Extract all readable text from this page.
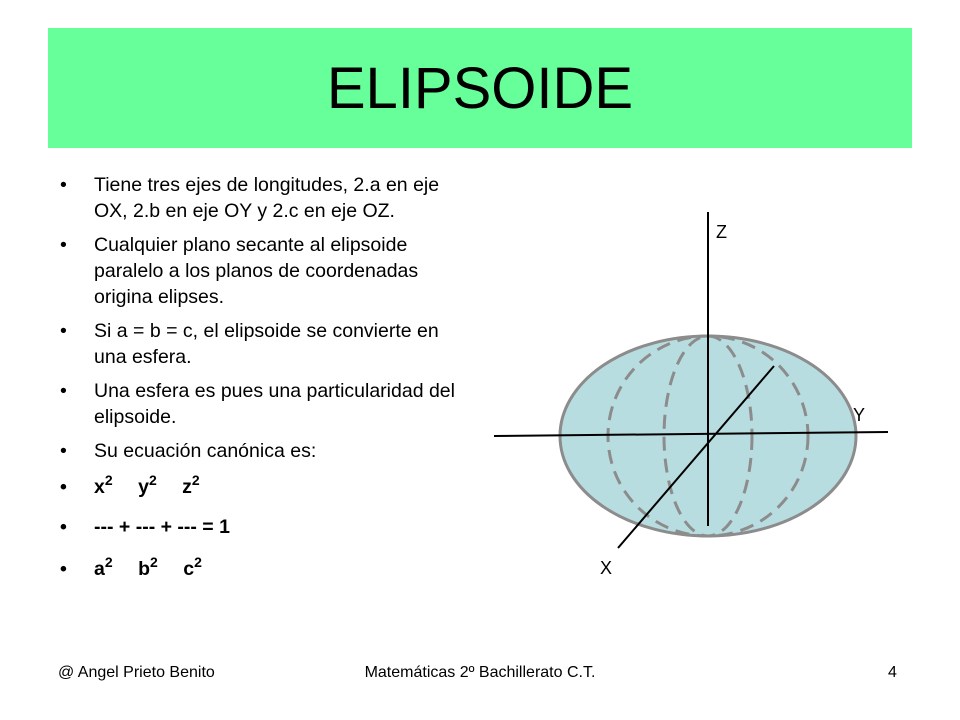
ELIPSOIDE
• Tiene tres ejes de longitudes, 2.a en eje OX, 2.b en eje OY y 2.c en eje OZ.
• Cualquier plano secante al elipsoide paralelo a los planos de coordenadas origina elipses.
• Si a = b = c, el elipsoide se convierte en una esfera.
• Una esfera es pues una particularidad del elipsoide.
• Su ecuación canónica es:
• $x^2$ $y^2$ $z^2$
• --- + --- + --- = 1
• $a^2$ $b^2$ $c^2$
Z
Y
X
@ Angel Prieto Benito	Matemáticas 2º Bachillerato C.T.	4
